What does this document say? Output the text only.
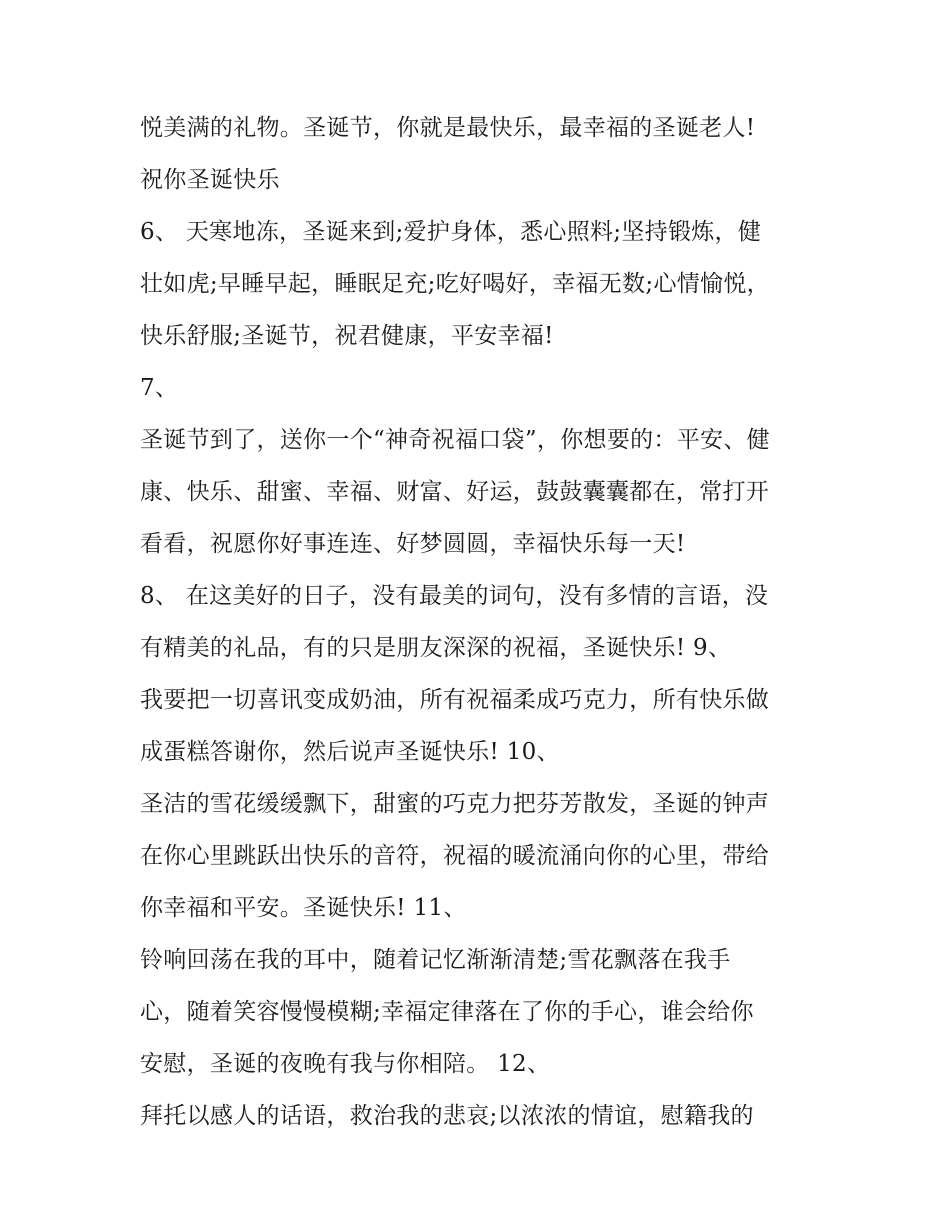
悦美满的礼物。圣诞节，你就是最快乐，最幸福的圣诞老人!
祝你圣诞快乐
6、 天寒地冻，圣诞来到;爱护身体，悉心照料;坚持锻炼，健
壮如虎;早睡早起，睡眠足充;吃好喝好，幸福无数;心情愉悦，
快乐舒服;圣诞节，祝君健康，平安幸福!
7、
圣诞节到了，送你一个“神奇祝福口袋”，你想要的：平安、健
康、快乐、甜蜜、幸福、财富、好运，鼓鼓囊囊都在，常打开
看看，祝愿你好事连连、好梦圆圆，幸福快乐每一天!
8、 在这美好的日子，没有最美的词句，没有多情的言语，没
有精美的礼品，有的只是朋友深深的祝福，圣诞快乐! 9、
我要把一切喜讯变成奶油，所有祝福柔成巧克力，所有快乐做
成蛋糕答谢你，然后说声圣诞快乐! 10、
圣洁的雪花缓缓飘下，甜蜜的巧克力把芬芳散发，圣诞的钟声
在你心里跳跃出快乐的音符，祝福的暖流涌向你的心里，带给
你幸福和平安。圣诞快乐! 11、
铃响回荡在我的耳中，随着记忆渐渐清楚;雪花飘落在我手
心，随着笑容慢慢模糊;幸福定律落在了你的手心，谁会给你
安慰，圣诞的夜晚有我与你相陪。 12、
拜托以感人的话语，救治我的悲哀;以浓浓的情谊，慰籍我的
